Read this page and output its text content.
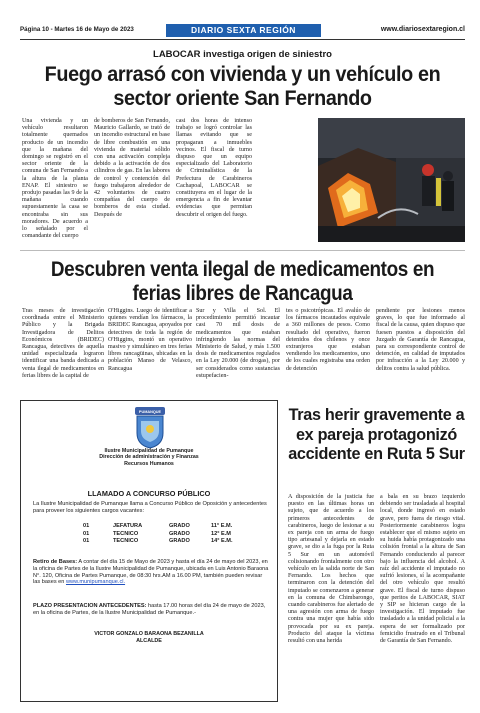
Página 10 - Martes 16 de Mayo de 2023	DIARIO SEXTA REGIÓN	www.diariosextaregion.cl
LABOCAR investiga origen de siniestro
Fuego arrasó con vivienda y un vehículo en sector oriente San Fernando
Una vivienda y un vehículo resultaron totalmente quemados producto de un incendio que la mañana del domingo se registró en el sector oriente de la comuna de San Fernando a la altura de la planta ENAP. El siniestro se produjo pasadas las 9 de la mañana cuando supuestamente la casa se encontraba sin sus moradores. De acuerdo a lo señalado por el comandante del cuerpo
de bomberos de San Fernando, Mauricio Gallardo, se trató de un incendio estructural en base de libre combustión en una vivienda de material sólido con una activación compleja debido a la activación de dos cilindros de gas. En las labores de control y contención del fuego trabajaron alrededor de 42 voluntarios de cuatro compañías del cuerpo de bomberos de esta ciudad. Después de
casi dos horas de intenso trabajo se logró controlar las llamas evitando que se propagaran a inmuebles vecinos. El fiscal de turno dispuso que un equipo especializado del Laboratorio de Criminalística de la Prefectura de Carabineros Cachapoal, LABOCAR se constituyera en el lugar de la emergencia a fin de levantar evidencias que permitan descubrir el origen del fuego.
Descubren venta ilegal de medicamentos en ferias libres de Rancagua
Tras meses de investigación coordinada entre el Ministerio Público y la Brigada Investigadora de Delitos Económicos (BRIDEC) Rancagua, detectives de aquella unidad especializada lograron identificar una banda dedicada a venta ilegal de medicamentos en ferias libres de la capital de
O'Higgins. Luego de identificar a quienes vendían los fármacos, la BRIDEC Rancagua, apoyados por detectives de toda la región de O'Higgins, montó un operativo masivo y simultáneo en tres ferias libres rancagüinas, ubicadas en la población Manso de Velasco, Rancagua
Sur y Villa el Sol. El procedimiento permitió incautar casi 70 mil dosis de medicamentos que estaban infringiendo las normas del Ministerio de Salud, y más 1.500 dosis de medicamentos regulados en la Ley 20.000 (de drogas), por ser considerados como sustancias estupefacien-
tes o psicotrópicas. El avalúo de los fármacos incautados equivale a 360 millones de pesos. Como resultado del operativo, fueron detenidos dos chilenos y once extranjeros que estaban vendiendo los medicamentos, uno de los cuales registraba una orden de detención
pendiente por lesiones menos graves, lo que fue informado al fiscal de la causa, quien dispuso que fuesen puestos a disposición del Juzgado de Garantía de Rancagua, para su correspondiente control de detención, en calidad de imputados por infracción a la Ley 20.000 y delitos contra la salud pública.
PUMANQUE
Ilustre Municipalidad de Pumanque
Dirección de administración y Finanzas
Recursos Humanos
LLAMADO A CONCURSO PÚBLICO
La Ilustre Municipalidad de Pumanque llama a Concurso Público de Oposición y antecedentes para proveer los siguientes cargos vacantes:
01	JEFATURA	GRADO	11° E.M.
01	TECNICO	GRADO	12° E.M
01	TECNICO	GRADO	14° E.M.
Retiro de Bases: A contar del día 15 de Mayo de 2023 y hasta el día 24 de mayo del 2023, en la oficina de Partes de la Ilustre Municipalidad de Pumanque, ubicada en Luis Antonio Baraona N°. 120, Oficina de Partes Pumanque, de 08:30 hrs.AM a 16.00 PM, también pueden revisar las bases en www.munipumanque.cl.
PLAZO PRESENTACION ANTECEDENTES: hasta 17.00 horas del día 24 de mayo de 2023, en la oficina de Partes, de la Ilustre Municipalidad de Pumanque.-
VICTOR GONZALO BARAONA BEZANILLA
ALCALDE
Tras herir gravemente a ex pareja protagonizó accidente en Ruta 5 Sur
A disposición de la justicia fue puesto en las últimas horas un sujeto, que de acuerdo a los primeros antecedentes de carabineros, luego de lesionar a su ex pareja con un arma de fuego tipo artesanal y dejarla en estado grave, se dio a la fuga por la Ruta 5 Sur en un automóvil colisionando frontalmente con otro vehículo en la salida norte de San Fernando. Los hechos que terminaron con la detención del imputado se comenzaron a generar en la comuna de Chimbarongo, cuando carabineros fue alertado de una agresión con arma de fuego contra una mujer que había sido provocada por su ex pareja. Producto del ataque la víctima resultó con una herida
a bala en su brazo izquierdo debiendo ser trasladada al hospital local, donde ingresó en estado grave, pero fuera de riesgo vital. Posteriormente carabineros logra establecer que el mismo sujeto en su huida había protagonizado una colisión frontal a la altura de San Fernando conduciendo al parecer bajo la influencia del alcohol. A raíz del accidente el imputado no sufrió lesiones, sí la acompañante del otro vehículo que resultó grave. El fiscal de turno dispuso que peritos de LABOCAR, SIAT y SIP se hicieran cargo de la investigación. El imputado fue trasladado a la unidad policial a la espera de ser formalizado por femicidio frustrado en el Tribunal de Garantía de San Fernando.
